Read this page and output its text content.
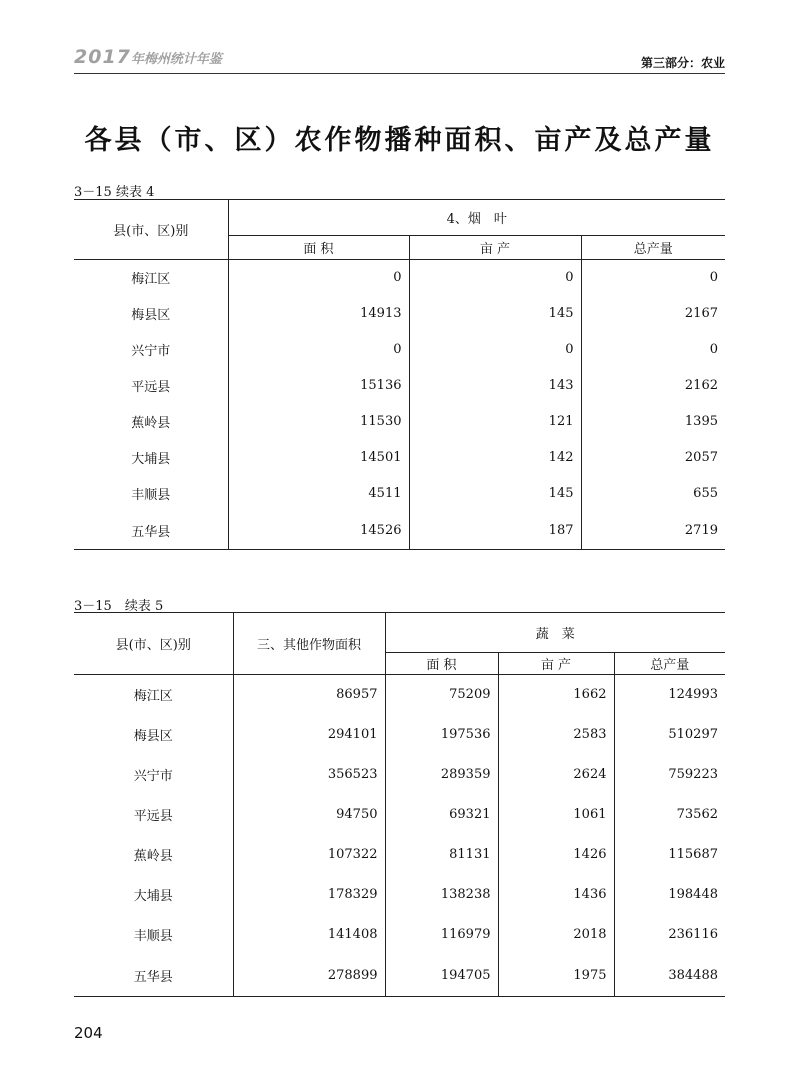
2017年梅州统计年鉴	第三部分：农业
各县（市、区）农作物播种面积、亩产及总产量
3－15 续表 4
县(市、区)别	4、烟　叶		
	面 积	亩 产	总产量
梅江区	0	0	0
梅县区	14913	145	2167
兴宁市	0	0	0
平远县	15136	143	2162
蕉岭县	11530	121	1395
大埔县	14501	142	2057
丰顺县	4511	145	655
五华县	14526	187	2719
3－15　续表 5
县(市、区)别	三、其他作物面积	蔬　菜		
		面 积	亩 产	总产量
梅江区	86957	75209	1662	124993
梅县区	294101	197536	2583	510297
兴宁市	356523	289359	2624	759223
平远县	94750	69321	1061	73562
蕉岭县	107322	81131	1426	115687
大埔县	178329	138238	1436	198448
丰顺县	141408	116979	2018	236116
五华县	278899	194705	1975	384488
204
